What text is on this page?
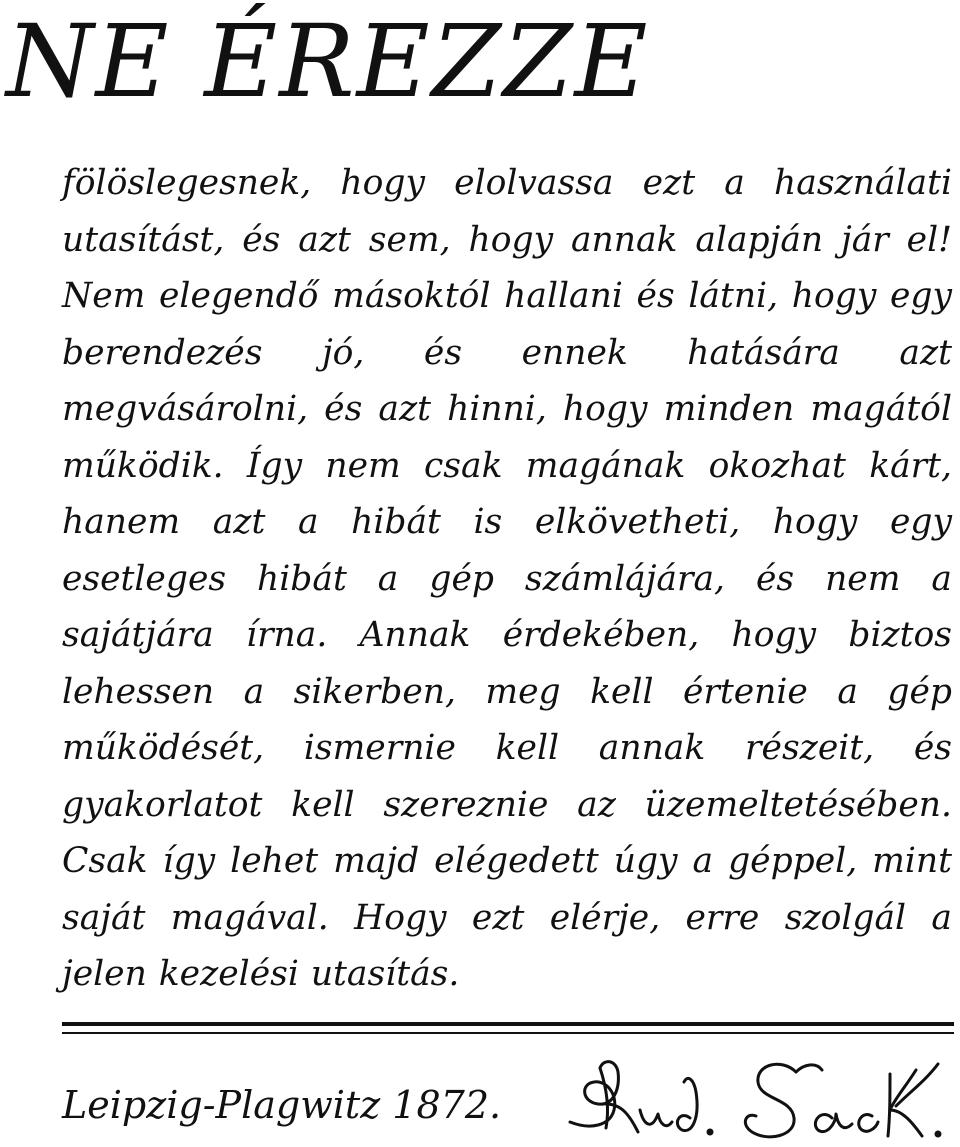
NE ÉREZZE

fölöslegesnek, hogy elolvassa ezt a használati utasítást, és azt sem, hogy annak alapján jár el! Nem elegendő másoktól hallani és látni, hogy egy berendezés jó, és ennek hatására azt megvásárolni, és azt hinni, hogy minden magától működik. Így nem csak magának okozhat kárt, hanem azt a hibát is elkövetheti, hogy egy esetleges hibát a gép számlájára, és nem a sajátjára írna. Annak érdekében, hogy biztos lehessen a sikerben, meg kell értenie a gép működését, ismernie kell annak részeit, és gyakorlatot kell szereznie az üzemeltetésében. Csak így lehet majd elégedett úgy a géppel, mint saját magával. Hogy ezt elérje, erre szolgál a jelen kezelési utasítás.

Leipzig-Plagwitz 1872.
